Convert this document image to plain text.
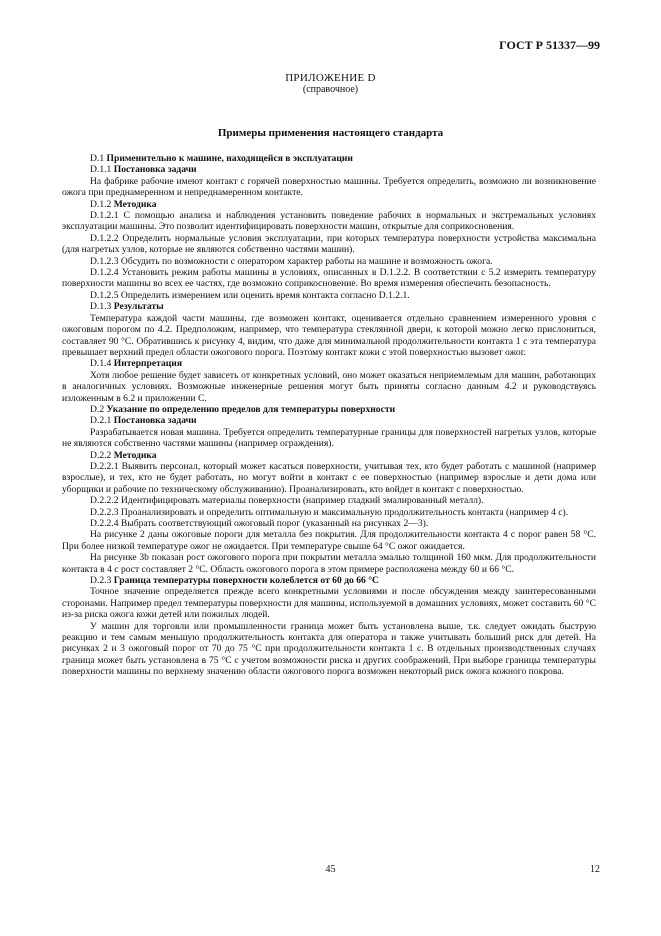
ГОСТ Р 51337—99
ПРИЛОЖЕНИЕ D
(справочное)
Примеры применения настоящего стандарта

D.1 Применительно к машине, находящейся в эксплуатации

D.1.1 Постановка задачи

На фабрике рабочие имеют контакт с горячей поверхностью машины. Требуется определить, возможно ли возникновение ожога при преднамеренном и непреднамеренном контакте.

D.1.2 Методика

D.1.2.1 С помощью анализа и наблюдения установить поведение рабочих в нормальных и экстремальных условиях эксплуатации машины. Это позволит идентифицировать поверхности машин, открытые для соприкосновения.

D.1.2.2 Определить нормальные условия эксплуатации, при которых температура поверхности устройства максимальна (для нагретых узлов, которые не являются собственно частями машин).

D.1.2.3 Обсудить по возможности с оператором характер работы на машине и возможность ожога.

D.1.2.4 Установить режим работы машины в условиях, описанных в D.1.2.2. В соответствии с 5.2 измерить температуру поверхности машины во всех ее частях, где возможно соприкосновение. Во время измерения обеспечить безопасность.

D.1.2.5 Определить измерением или оценить время контакта согласно D.1.2.1.

D.1.3 Результаты

Температура каждой части машины, где возможен контакт, оценивается отдельно сравнением измеренного уровня с ожоговым порогом по 4.2. Предположим, например, что температура стеклянной двери, к которой можно легко прислониться, составляет 90 °С. Обратившись к рисунку 4, видим, что даже для минимальной продолжительности контакта 1 с эта температура превышает верхний предел области ожогового порога. Поэтому контакт кожи с этой поверхностью вызовет ожог.

D.1.4 Интерпретация

Хотя любое решение будет зависеть от конкретных условий, оно может оказаться неприемлемым для машин, работающих в аналогичных условиях. Возможные инженерные решения могут быть приняты согласно данным 4.2 и руководствуясь изложенным в 6.2 и приложении С.

D.2 Указание по определению пределов для температуры поверхности

D.2.1 Постановка задачи

Разрабатывается новая машина. Требуется определить температурные границы для поверхностей нагретых узлов, которые не являются собственно частями машины (например ограждения).

D.2.2 Методика

D.2.2.1 Выявить персонал, который может касаться поверхности, учитывая тех, кто будет работать с машиной (например взрослые), и тех, кто не будет работать, но могут войти в контакт с ее поверхностью (например взрослые и дети дома или уборщики и рабочие по техническому обслуживанию). Проанализировать, кто войдет в контакт с поверхностью.

D.2.2.2 Идентифицировать материалы поверхности (например гладкий эмалированный металл).

D.2.2.3 Проанализировать и определить оптимальную и максимальную продолжительность контакта (например 4 с).

D.2.2.4 Выбрать соответствующий ожоговый порог (указанный на рисунках 2—3).

На рисунке 2 даны ожоговые пороги для металла без покрытия. Для продолжительности контакта 4 с порог равен 58 °С. При более низкой температуре ожог не ожидается. При температуре свыше 64 °С ожог ожидается.

На рисунке 3b показан рост ожогового порога при покрытии металла эмалью толщиной 160 мкм. Для продолжительности контакта в 4 с рост составляет 2 °С. Область ожогового порога в этом примере расположена между 60 и 66 °С.

D.2.3 Граница температуры поверхности колеблется от 60 до 66 °С

Точное значение определяется прежде всего конкретными условиями и после обсуждения между заинтересованными сторонами. Например предел температуры поверхности для машины, используемой в домашних условиях, может составить 60 °С из-за риска ожога кожи детей или пожилых людей.

У машин для торговли или промышленности граница может быть установлена выше, т.к. следует ожидать быструю реакцию и тем самым меньшую продолжительность контакта для оператора и также учитывать больший риск для детей. На рисунках 2 и 3 ожоговый порог от 70 до 75 °С при продолжительности контакта 1 с. В отдельных производственных случаях граница может быть установлена в 75 °С с учетом возможности риска и других соображений. При выборе границы температуры поверхности машины по верхнему значению области ожогового порога возможен некоторый риск ожога кожного покрова.

45	12
